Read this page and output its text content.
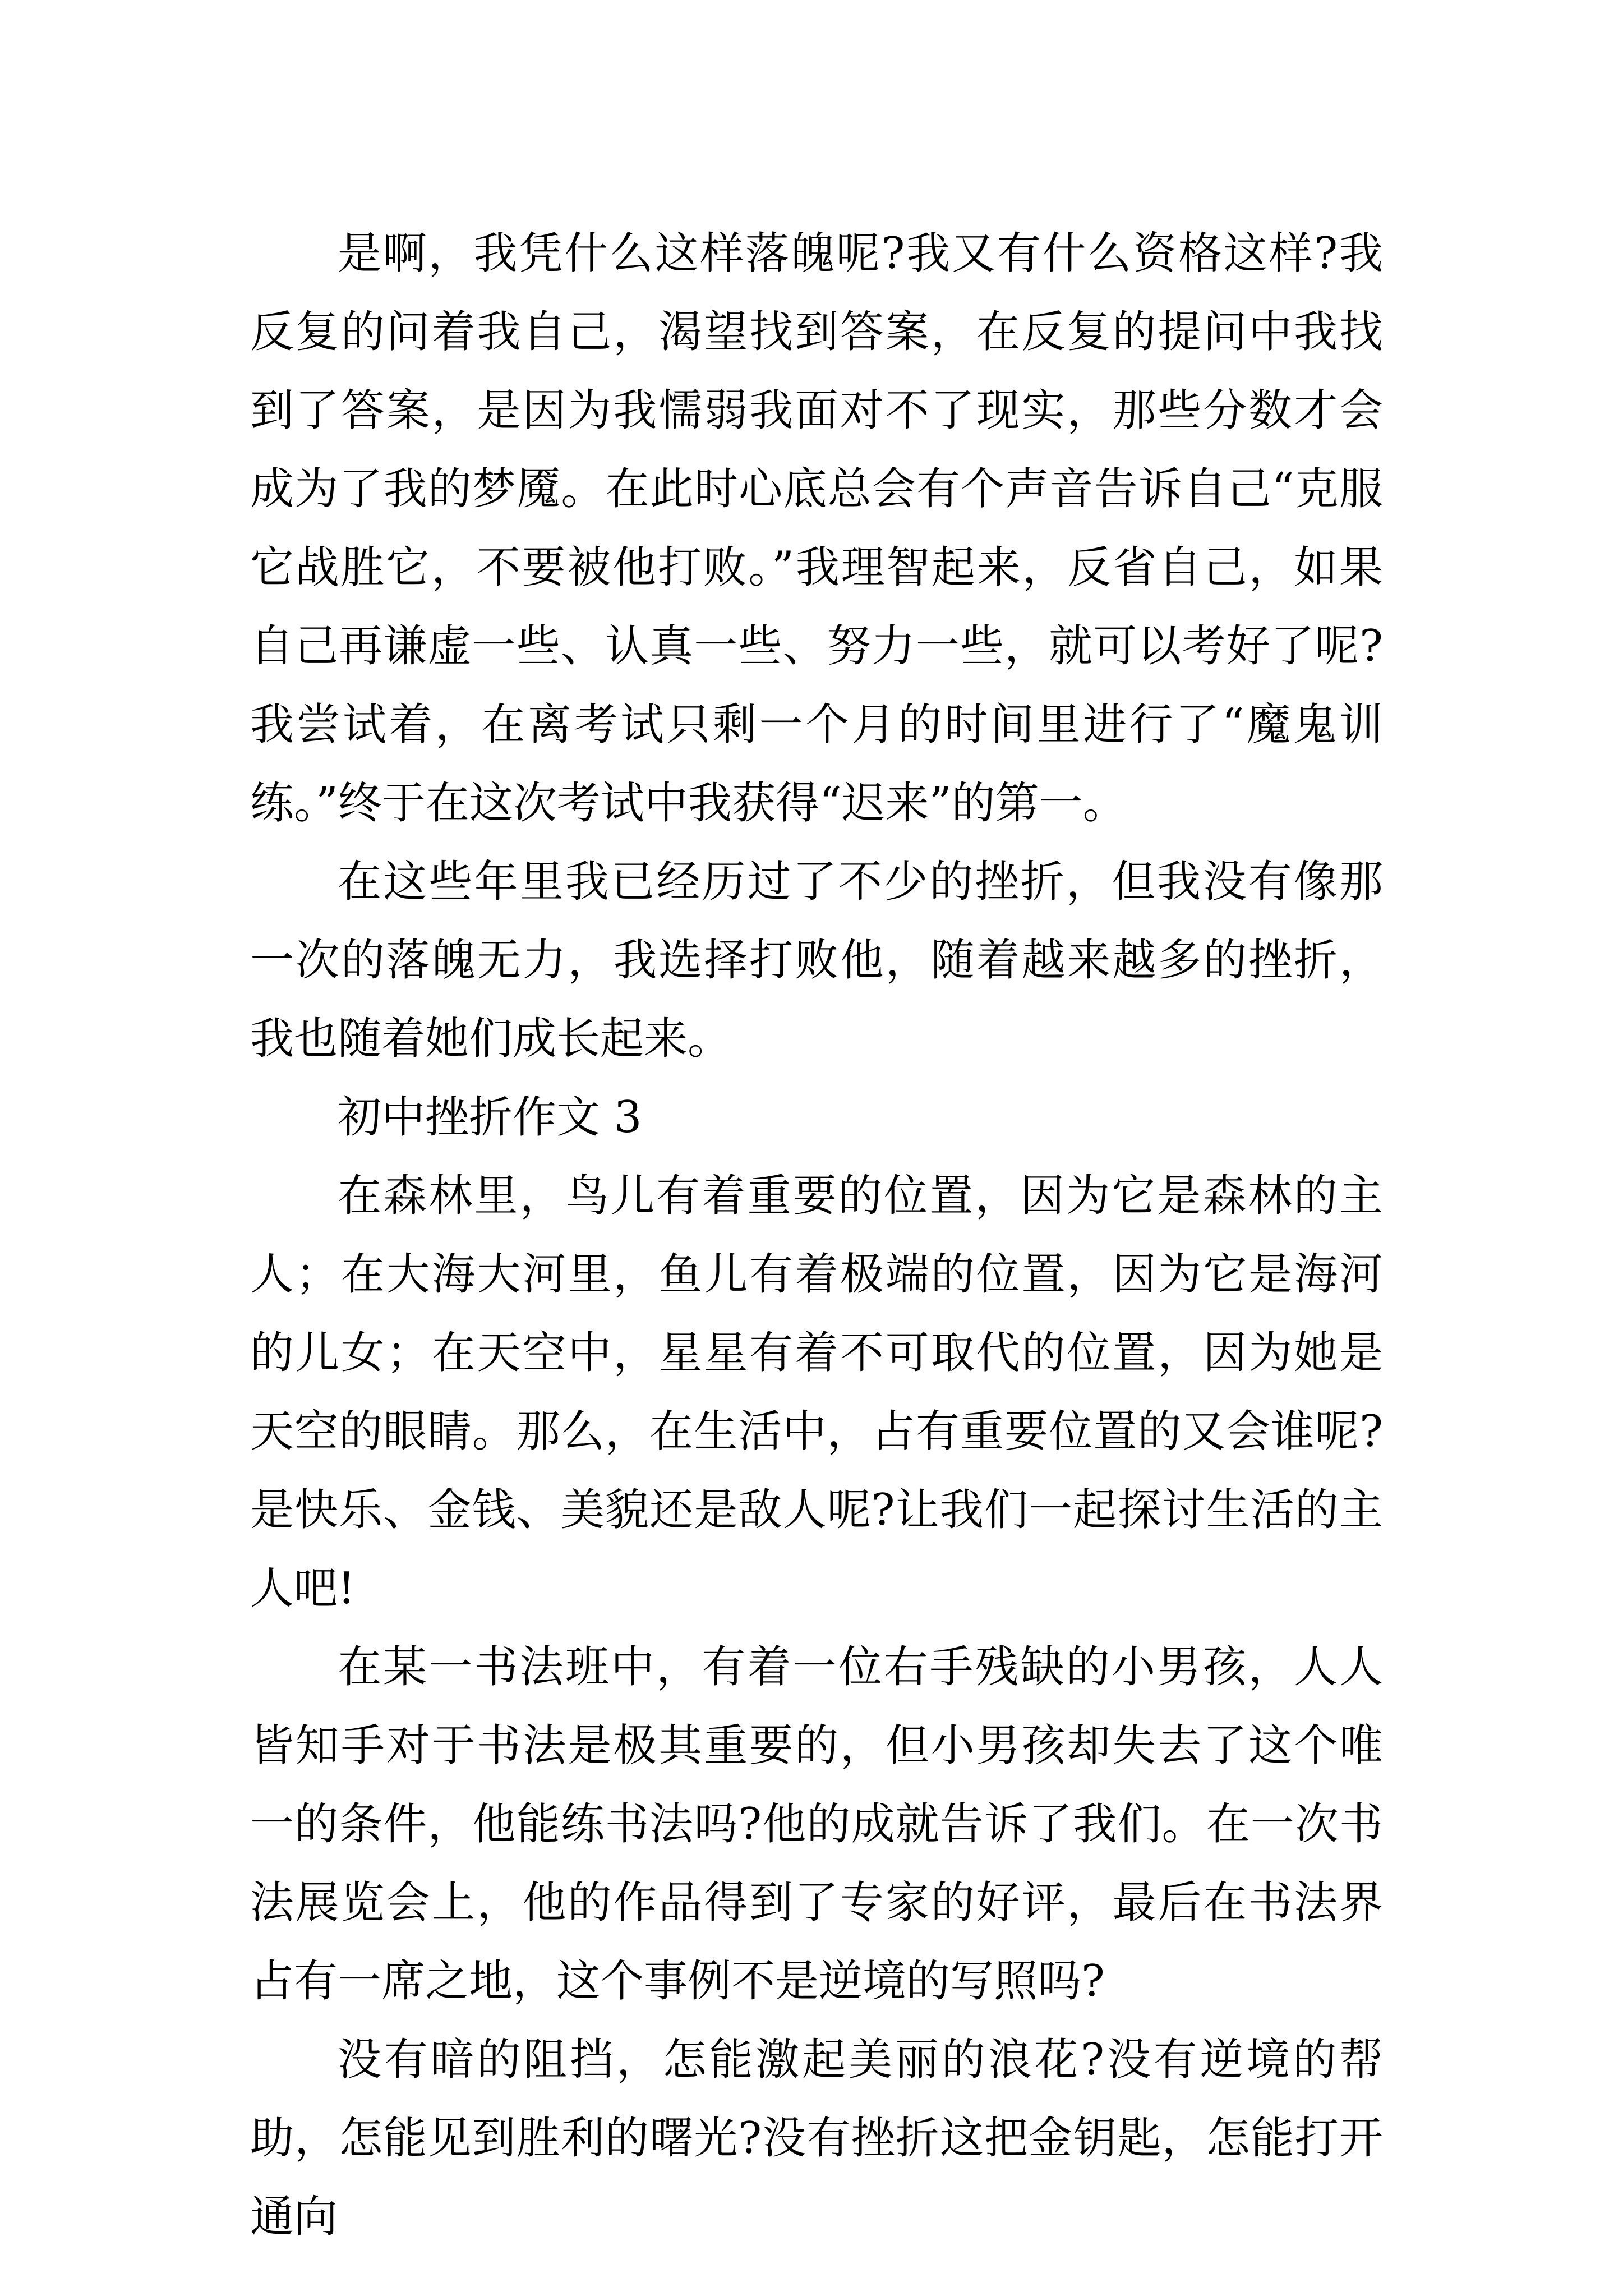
是啊，我凭什么这样落魄呢?我又有什么资格这样?我反复的问着我自己，渴望找到答案，在反复的提问中我找到了答案，是因为我懦弱我面对不了现实，那些分数才会成为了我的梦魇。在此时心底总会有个声音告诉自己“克服它战胜它，不要被他打败。”我理智起来，反省自己，如果自己再谦虚一些、认真一些、努力一些，就可以考好了呢?我尝试着，在离考试只剩一个月的时间里进行了“魔鬼训练。”终于在这次考试中我获得“迟来”的第一。

在这些年里我已经历过了不少的挫折，但我没有像那一次的落魄无力，我选择打败他，随着越来越多的挫折，我也随着她们成长起来。

初中挫折作文 3

在森林里，鸟儿有着重要的位置，因为它是森林的主人；在大海大河里，鱼儿有着极端的位置，因为它是海河的儿女；在天空中，星星有着不可取代的位置，因为她是天空的眼睛。那么，在生活中，占有重要位置的又会谁呢?是快乐、金钱、美貌还是敌人呢?让我们一起探讨生活的主人吧!

在某一书法班中，有着一位右手残缺的小男孩，人人皆知手对于书法是极其重要的，但小男孩却失去了这个唯一的条件，他能练书法吗?他的成就告诉了我们。在一次书法展览会上，他的作品得到了专家的好评，最后在书法界占有一席之地，这个事例不是逆境的写照吗?

没有暗的阻挡，怎能激起美丽的浪花?没有逆境的帮助，怎能见到胜利的曙光?没有挫折这把金钥匙，怎能打开通向
